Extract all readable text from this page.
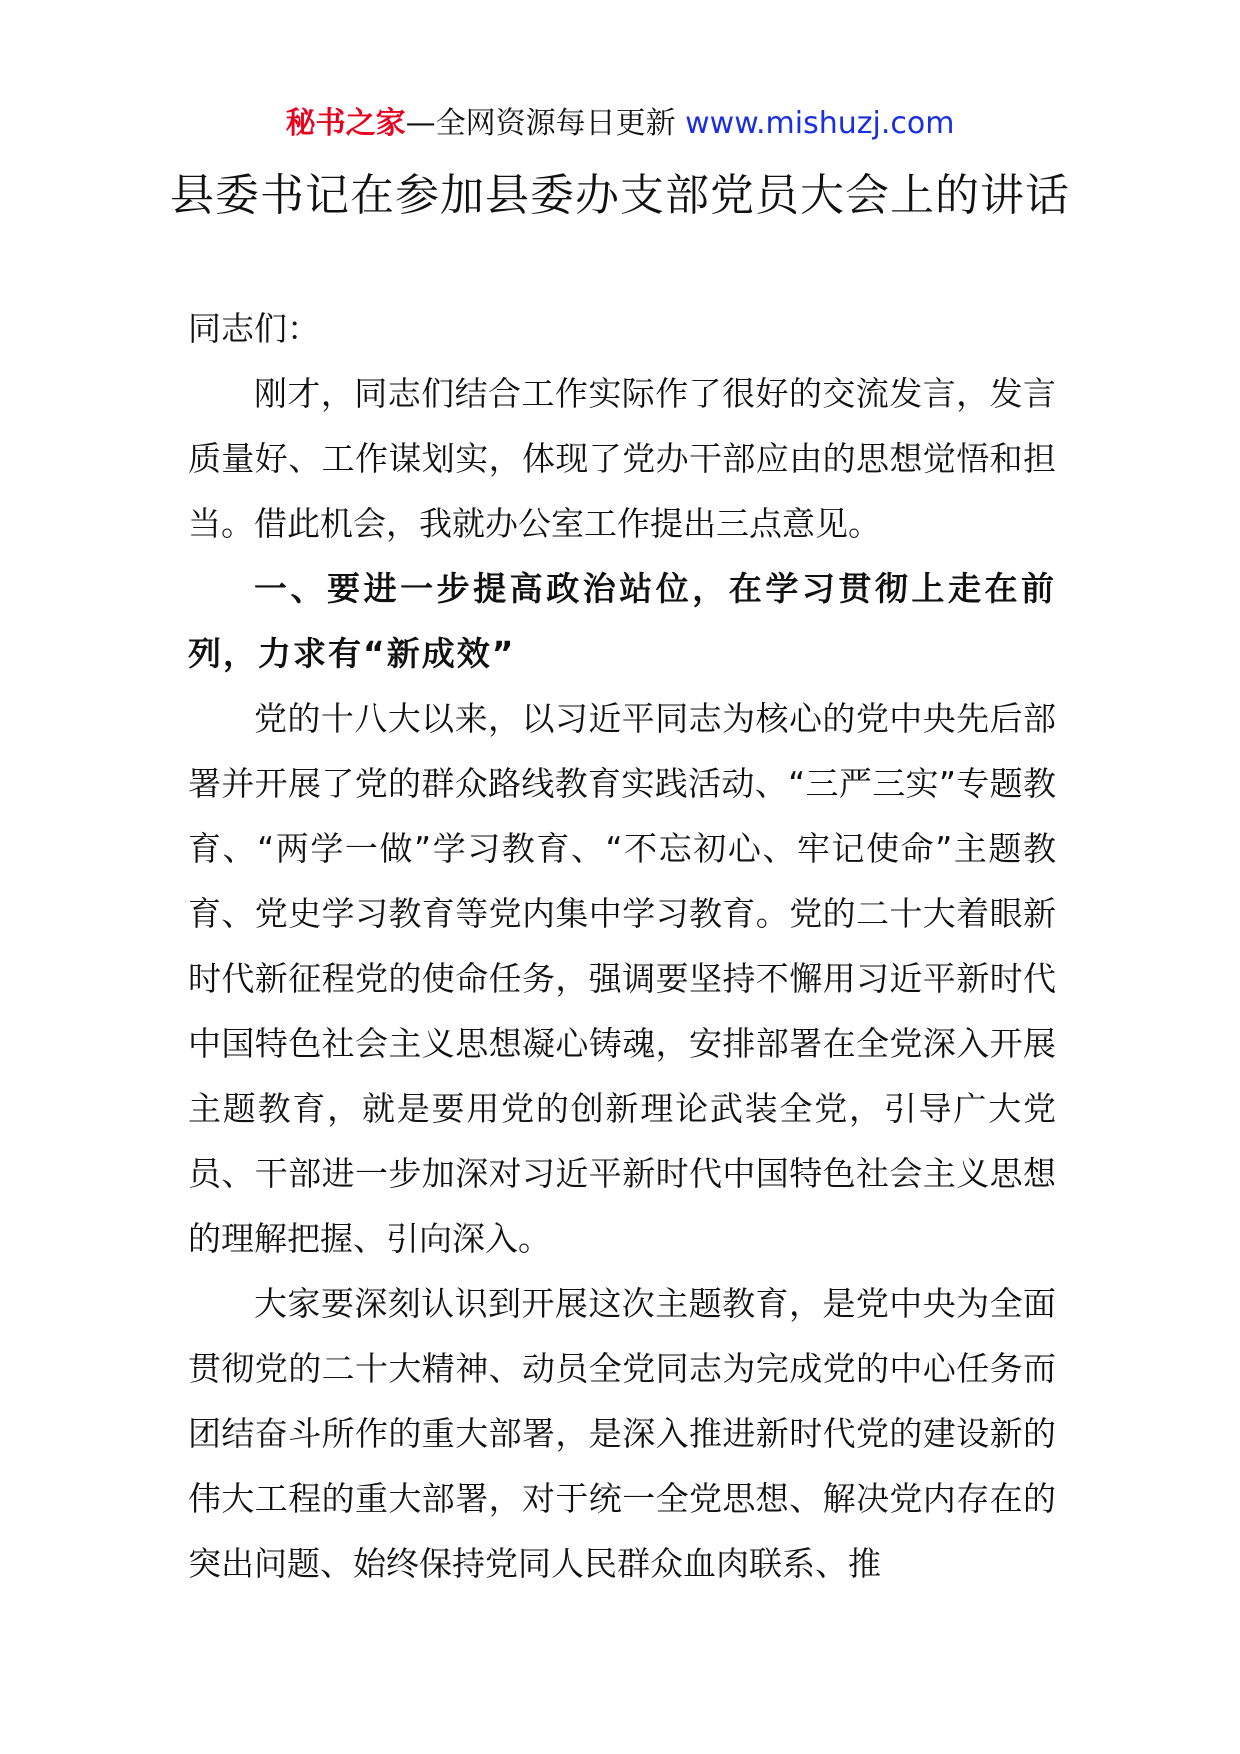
秘书之家—全网资源每日更新 www.mishuzj.com
县委书记在参加县委办支部党员大会上的讲话

同志们：

刚才，同志们结合工作实际作了很好的交流发言，发言质量好、工作谋划实，体现了党办干部应由的思想觉悟和担当。借此机会，我就办公室工作提出三点意见。

一、要进一步提高政治站位，在学习贯彻上走在前列，力求有“新成效”

党的十八大以来，以习近平同志为核心的党中央先后部署并开展了党的群众路线教育实践活动、“三严三实”专题教育、“两学一做”学习教育、“不忘初心、牢记使命”主题教育、党史学习教育等党内集中学习教育。党的二十大着眼新时代新征程党的使命任务，强调要坚持不懈用习近平新时代中国特色社会主义思想凝心铸魂，安排部署在全党深入开展主题教育，就是要用党的创新理论武装全党，引导广大党员、干部进一步加深对习近平新时代中国特色社会主义思想的理解把握、引向深入。

大家要深刻认识到开展这次主题教育，是党中央为全面贯彻党的二十大精神、动员全党同志为完成党的中心任务而团结奋斗所作的重大部署，是深入推进新时代党的建设新的伟大工程的重大部署，对于统一全党思想、解决党内存在的突出问题、始终保持党同人民群众血肉联系、推
